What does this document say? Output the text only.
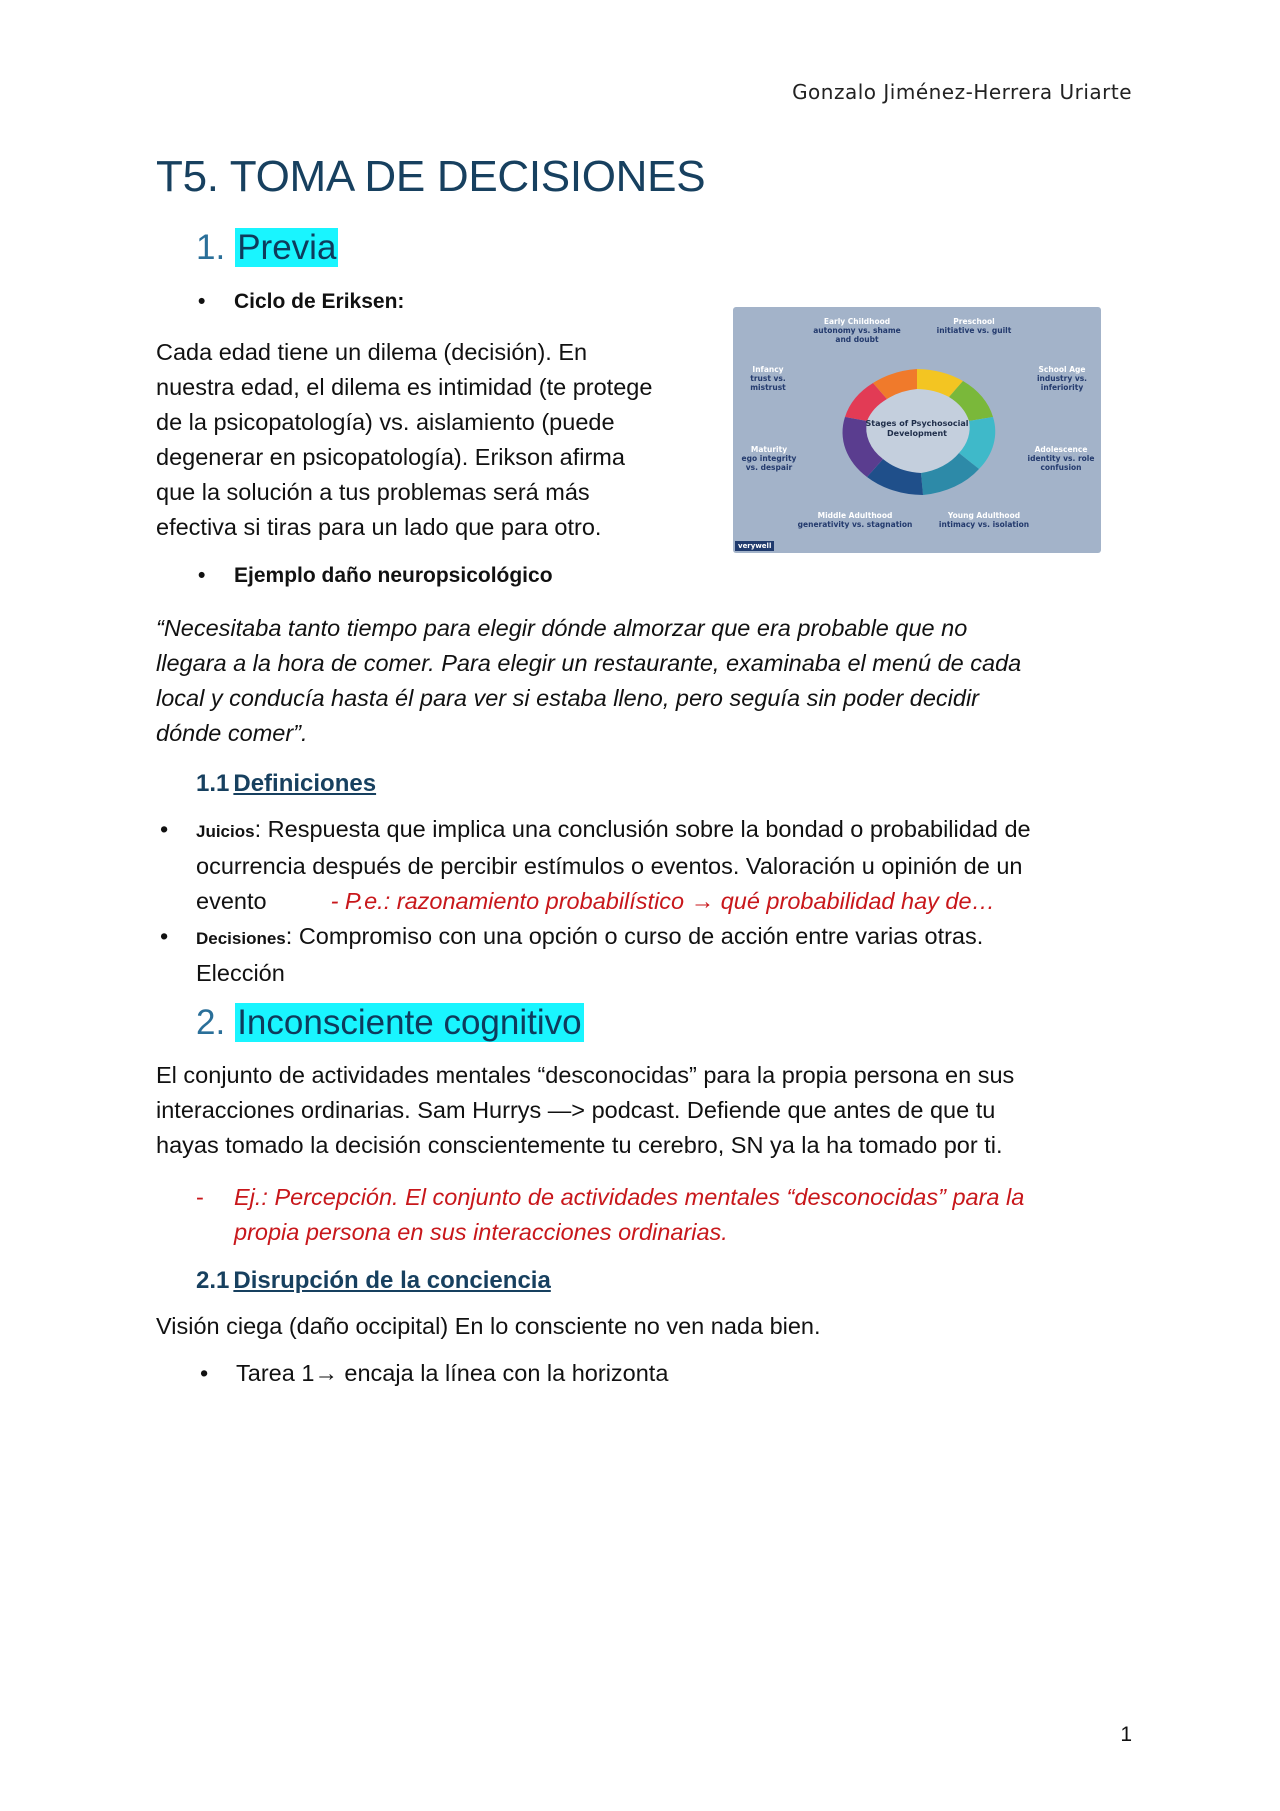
Gonzalo Jiménez-Herrera Uriarte
T5. TOMA DE DECISIONES
1. Previa
• Ciclo de Eriksen:
Cada edad tiene un dilema (decisión). En
nuestra edad, el dilema es intimidad (te protege
de la psicopatología) vs. aislamiento (puede
degenerar en psicopatología). Erikson afirma
que la solución a tus problemas será más
efectiva si tiras para un lado que para otro.
Early Childhood
autonomy vs. shame and doubt
Preschool
initiative vs. guilt
Infancy
trust vs. mistrust
School Age
industry vs. inferiority
Maturity
ego integrity vs. despair
Adolescence
identity vs. role confusion
Middle Adulthood
generativity vs. stagnation
Young Adulthood
intimacy vs. isolation
Stages of Psychosocial Development
verywell
• Ejemplo daño neuropsicológico
“Necesitaba tanto tiempo para elegir dónde almorzar que era probable que no
llegara a la hora de comer. Para elegir un restaurante, examinaba el menú de cada
local y conducía hasta él para ver si estaba lleno, pero seguía sin poder decidir
dónde comer”.
1.1 Definiciones
• Juicios: Respuesta que implica una conclusión sobre la bondad o probabilidad de
ocurrencia después de percibir estímulos o eventos. Valoración u opinión de un
evento	- P.e.: razonamiento probabilístico → qué probabilidad hay de…
• Decisiones: Compromiso con una opción o curso de acción entre varias otras.
Elección
2. Inconsciente cognitivo
El conjunto de actividades mentales “desconocidas” para la propia persona en sus
interacciones ordinarias. Sam Hurrys —> podcast. Defiende que antes de que tu
hayas tomado la decisión conscientemente tu cerebro, SN ya la ha tomado por ti.
- Ej.: Percepción. El conjunto de actividades mentales “desconocidas” para la
propia persona en sus interacciones ordinarias.
2.1 Disrupción de la conciencia
Visión ciega (daño occipital) En lo consciente no ven nada bien.
• Tarea 1→ encaja la línea con la horizonta
1
